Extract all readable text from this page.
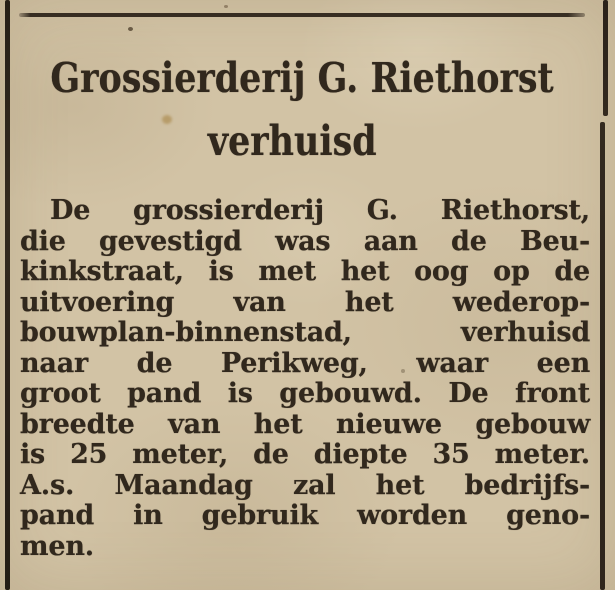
Grossierderij G. Riethorst
verhuisd
De grossierderij G. Riethorst,
die gevestigd was aan de Beu-
kinkstraat, is met het oog op de
uitvoering van het wederop-
bouwplan-binnenstad, verhuisd
naar de Perikweg, waar een
groot pand is gebouwd. De front
breedte van het nieuwe gebouw
is 25 meter, de diepte 35 meter.
A.s. Maandag zal het bedrijfs-
pand in gebruik worden geno-
men.
